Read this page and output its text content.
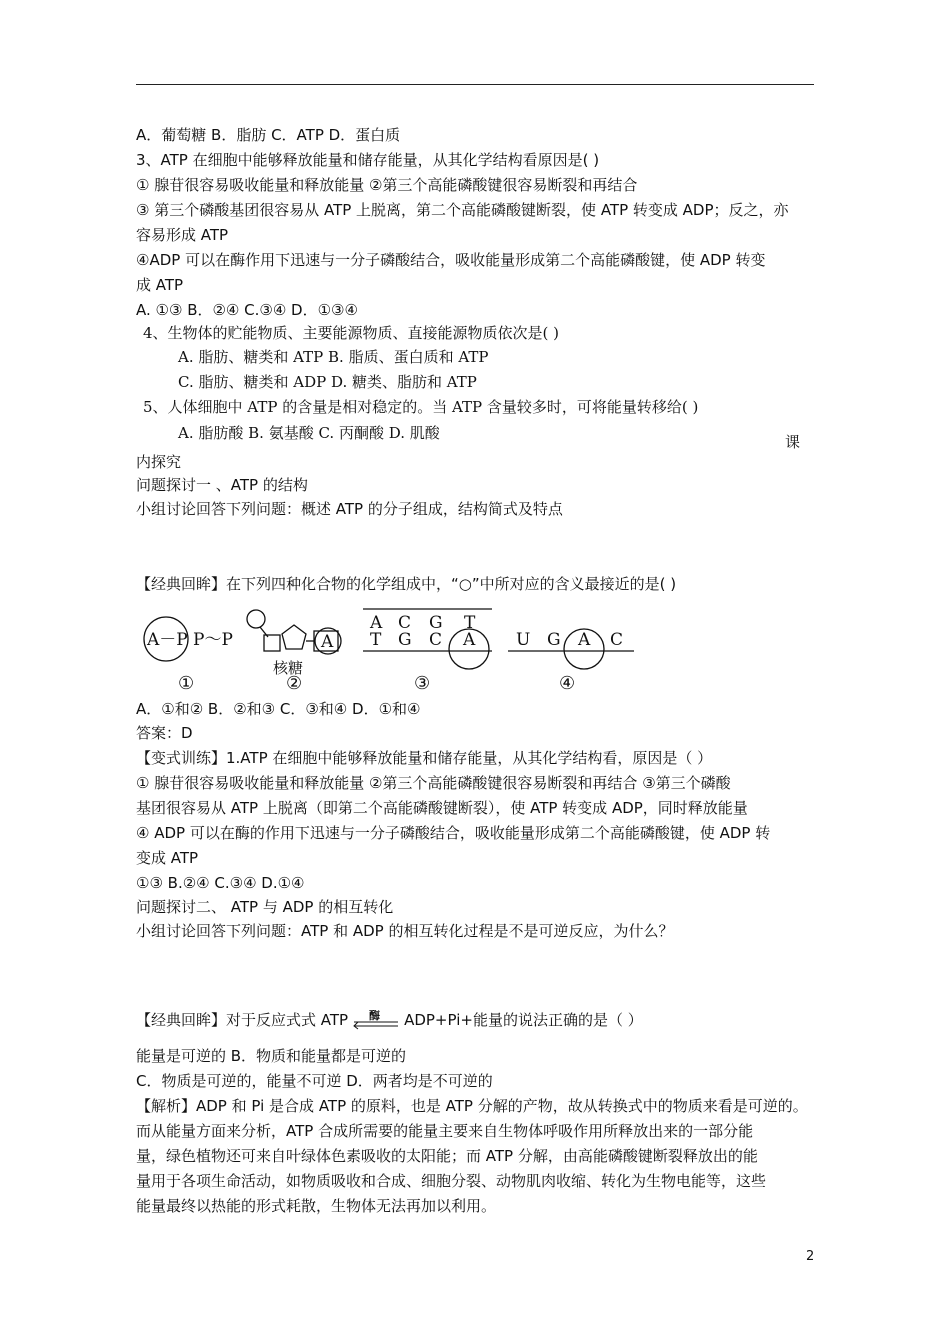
A．葡萄糖 B．脂肪 C．ATP D．蛋白质
3、ATP 在细胞中能够释放能量和储存能量，从其化学结构看原因是( )
① 腺苷很容易吸收能量和释放能量 ②第三个高能磷酸键很容易断裂和再结合
③ 第三个磷酸基团很容易从 ATP 上脱离，第二个高能磷酸键断裂，使 ATP 转变成 ADP；反之，亦
容易形成 ATP
④ADP 可以在酶作用下迅速与一分子磷酸结合，吸收能量形成第二个高能磷酸键，使 ADP 转变
成 ATP
A. ①③ B．②④ C.③④ D．①③④
4、生物体的贮能物质、主要能源物质、直接能源物质依次是( )
A. 脂肪、糖类和 ATP B. 脂质、蛋白质和 ATP
C. 脂肪、糖类和 ADP D. 糖类、脂肪和 ATP
5、人体细胞中 ATP 的含量是相对稳定的。当 ATP 含量较多时，可将能量转移给( )
A. 脂肪酸 B. 氨基酸 C. 丙酮酸 D. 肌酸	课
内探究
问题探讨一 、ATP 的结构
小组讨论回答下列问题：概述 ATP 的分子组成，结构简式及特点
【经典回眸】在下列四种化合物的化学组成中，“○”中所对应的含义最接近的是( )
A－P P～P
①
A
核糖
②
A C G T
T G C A
③
U G A C
④
A．①和② B．②和③ C．③和④ D．①和④
答案：D
【变式训练】1.ATP 在细胞中能够释放能量和储存能量，从其化学结构看，原因是（ ）
① 腺苷很容易吸收能量和释放能量 ②第三个高能磷酸键很容易断裂和再结合 ③第三个磷酸
基团很容易从 ATP 上脱离（即第二个高能磷酸键断裂），使 ATP 转变成 ADP，同时释放能量
④ ADP 可以在酶的作用下迅速与一分子磷酸结合，吸收能量形成第二个高能磷酸键，使 ADP 转
变成 ATP
①③ B.②④ C.③④ D.①④
问题探讨二、 ATP 与 ADP 的相互转化
小组讨论回答下列问题：ATP 和 ADP 的相互转化过程是不是可逆反应，为什么？
【经典回眸】对于反应式式 ATP 酶 ADP+Pi+能量的说法正确的是（ ）
能量是可逆的 B．物质和能量都是可逆的
C．物质是可逆的，能量不可逆 D．两者均是不可逆的
【解析】ADP 和 Pi 是合成 ATP 的原料，也是 ATP 分解的产物，故从转换式中的物质来看是可逆的。
而从能量方面来分析，ATP 合成所需要的能量主要来自生物体呼吸作用所释放出来的一部分能
量，绿色植物还可来自叶绿体色素吸收的太阳能；而 ATP 分解，由高能磷酸键断裂释放出的能
量用于各项生命活动，如物质吸收和合成、细胞分裂、动物肌肉收缩、转化为生物电能等，这些
能量最终以热能的形式耗散，生物体无法再加以利用。
2
